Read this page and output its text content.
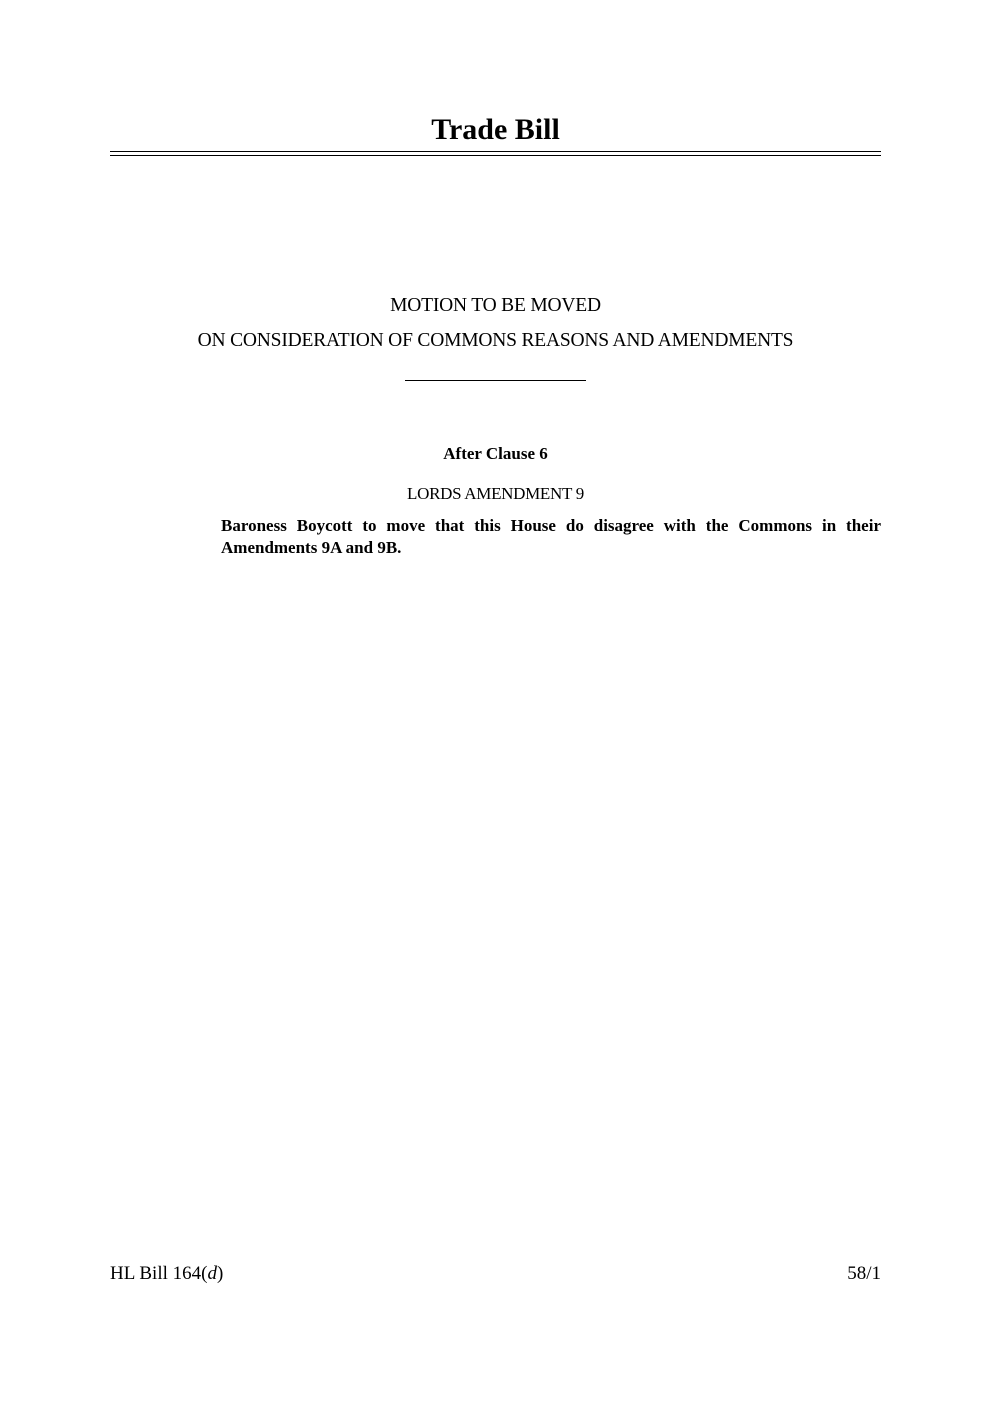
Trade Bill
MOTION TO BE MOVED
ON CONSIDERATION OF COMMONS REASONS AND AMENDMENTS
After Clause 6
LORDS AMENDMENT 9
Baroness Boycott to move that this House do disagree with the Commons in their Amendments 9A and 9B.
HL Bill 164(d)	58/1
